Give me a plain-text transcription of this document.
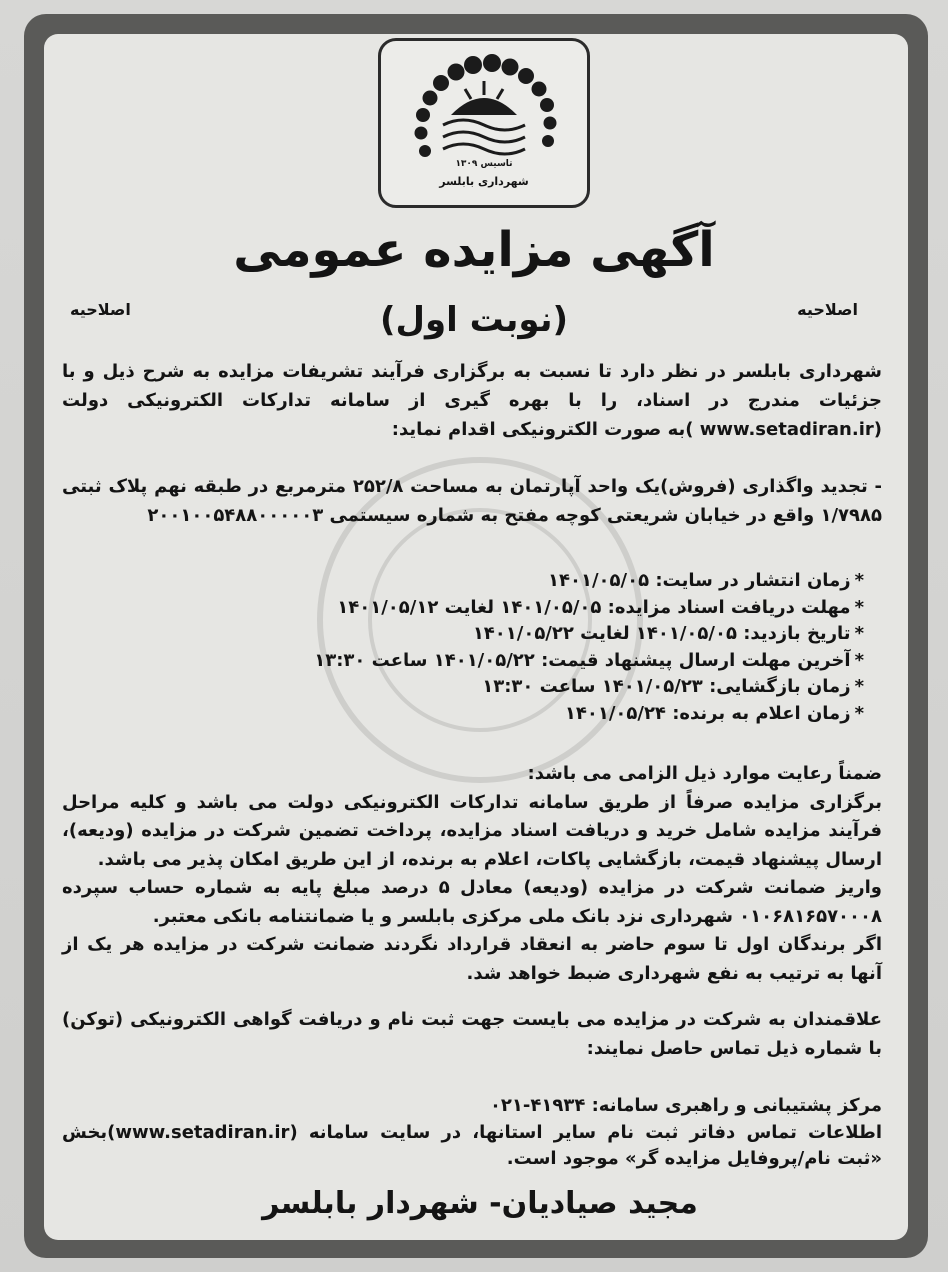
تاسیس ۱۳۰۹
شهرداری بابلسر
آگهی مزایده عمومی
اصلاحیه
اصلاحیه	(نوبت اول)
شهرداری بابلسر در نظر دارد تا نسبت به برگزاری فرآیند تشریفات مزایده به شرح ذیل و با جزئیات مندرج در اسناد، را با بهره گیری از سامانه تدارکات الکترونیکی دولت (www.setadiran.ir )به صورت الکترونیکی اقدام نماید:
- تجدید واگذاری (فروش)یک واحد آپارتمان به مساحت ۲۵۲/۸ مترمربع در طبقه نهم پلاک ثبتی ۱/۷۹۸۵ واقع در خیابان شریعتی کوچه مفتح به شماره سیستمی ۲۰۰۱۰۰۵۴۸۸۰۰۰۰۰۳
*زمان انتشار در سایت: ۱۴۰۱/۰۵/۰۵
*مهلت دریافت اسناد مزایده: ۱۴۰۱/۰۵/۰۵ لغایت ۱۴۰۱/۰۵/۱۲
*تاریخ بازدید: ۱۴۰۱/۰۵/۰۵ لغایت ۱۴۰۱/۰۵/۲۲
*آخرین مهلت ارسال پیشنهاد قیمت: ۱۴۰۱/۰۵/۲۲ ساعت ۱۳:۳۰
*زمان بازگشایی: ۱۴۰۱/۰۵/۲۳ ساعت ۱۳:۳۰
*زمان اعلام به برنده: ۱۴۰۱/۰۵/۲۴

ضمناً رعایت موارد ذیل الزامی می باشد:

برگزاری مزایده صرفاً از طریق سامانه تدارکات الکترونیکی دولت می باشد و کلیه مراحل فرآیند مزایده شامل خرید و دریافت اسناد مزایده، پرداخت تضمین شرکت در مزایده (ودیعه)، ارسال پیشنهاد قیمت، بازگشایی پاکات، اعلام به برنده، از این طریق امکان پذیر می باشد.

واریز ضمانت شرکت در مزایده (ودیعه) معادل ۵ درصد مبلغ پایه به شماره حساب سپرده ۰۱۰۶۸۱۶۵۷۰۰۰۸ شهرداری نزد بانک ملی مرکزی بابلسر و یا ضمانتنامه بانکی معتبر.

اگر برندگان اول تا سوم حاضر به انعقاد قرارداد نگردند ضمانت شرکت در مزایده هر یک از آنها به ترتیب به نفع شهرداری ضبط خواهد شد.

علاقمندان به شرکت در مزایده می بایست جهت ثبت نام و دریافت گواهی الکترونیکی (توکن) با شماره ذیل تماس حاصل نمایند:

مرکز پشتیبانی و راهبری سامانه: ۴۱۹۳۴-۰۲۱

اطلاعات تماس دفاتر ثبت نام سایر استانها، در سایت سامانه (www.setadiran.ir)بخش «ثبت نام/پروفایل مزایده گر» موجود است.

مجید صیادیان- شهردار بابلسر
